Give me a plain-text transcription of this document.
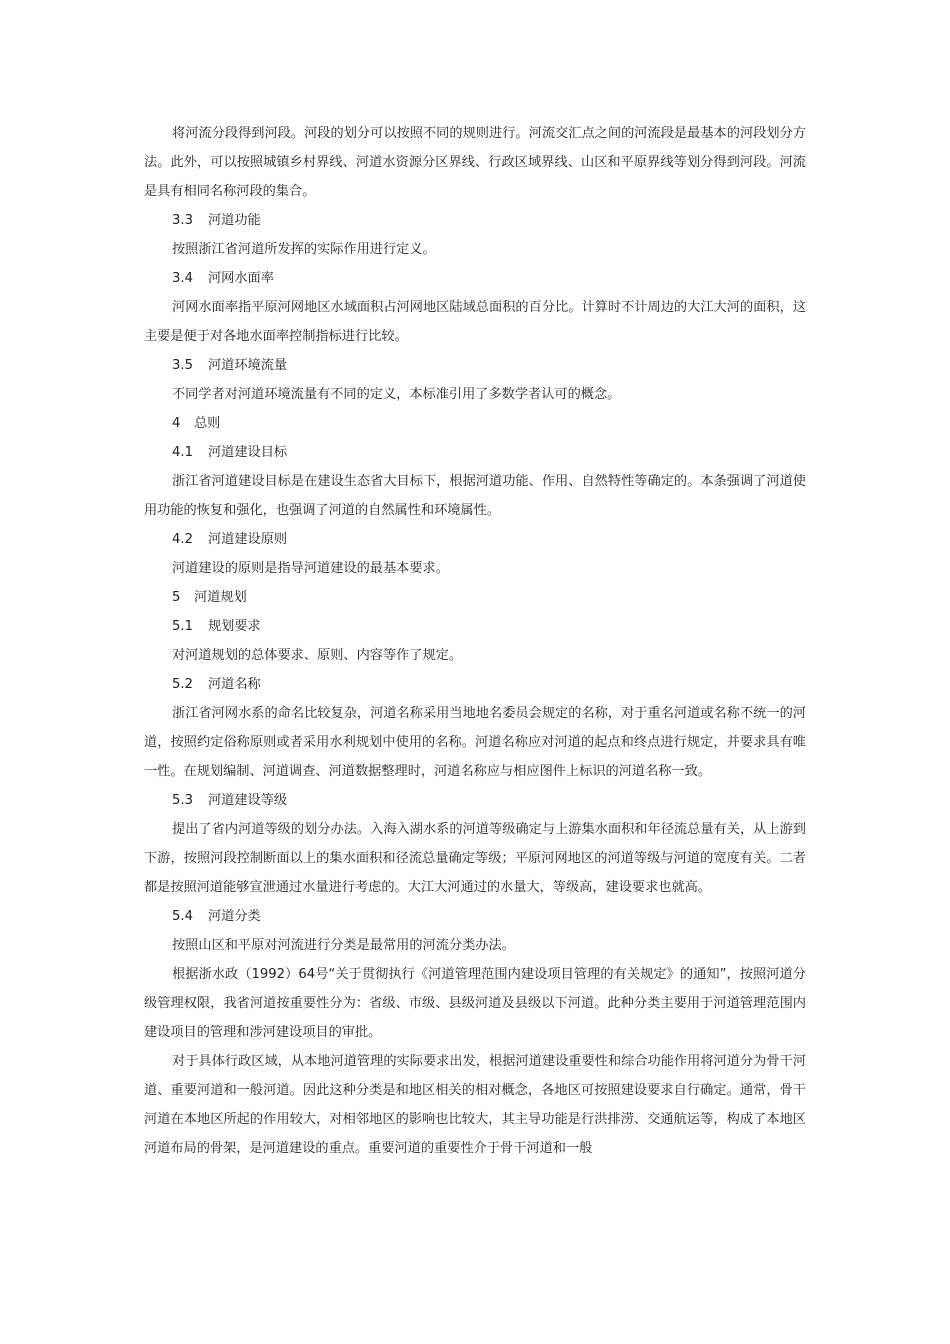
将河流分段得到河段。河段的划分可以按照不同的规则进行。河流交汇点之间的河流段是最基本的河段划分方法。此外，可以按照城镇乡村界线、河道水资源分区界线、行政区域界线、山区和平原界线等划分得到河段。河流是具有相同名称河段的集合。

3.3 河道功能

按照浙江省河道所发挥的实际作用进行定义。

3.4 河网水面率

河网水面率指平原河网地区水域面积占河网地区陆域总面积的百分比。计算时不计周边的大江大河的面积，这主要是便于对各地水面率控制指标进行比较。

3.5 河道环境流量

不同学者对河道环境流量有不同的定义，本标准引用了多数学者认可的概念。

4 总则
4.1 河道建设目标

浙江省河道建设目标是在建设生态省大目标下，根据河道功能、作用、自然特性等确定的。本条强调了河道使用功能的恢复和强化，也强调了河道的自然属性和环境属性。

4.2 河道建设原则

河道建设的原则是指导河道建设的最基本要求。

5 河道规划
5.1 规划要求

对河道规划的总体要求、原则、内容等作了规定。

5.2 河道名称

浙江省河网水系的命名比较复杂，河道名称采用当地地名委员会规定的名称，对于重名河道或名称不统一的河道，按照约定俗称原则或者采用水利规划中使用的名称。河道名称应对河道的起点和终点进行规定，并要求具有唯一性。在规划编制、河道调查、河道数据整理时，河道名称应与相应图件上标识的河道名称一致。

5.3 河道建设等级

提出了省内河道等级的划分办法。入海入湖水系的河道等级确定与上游集水面积和年径流总量有关，从上游到下游，按照河段控制断面以上的集水面积和径流总量确定等级；平原河网地区的河道等级与河道的宽度有关。二者都是按照河道能够宣泄通过水量进行考虑的。大江大河通过的水量大，等级高，建设要求也就高。

5.4 河道分类

按照山区和平原对河流进行分类是最常用的河流分类办法。

根据浙水政（1992）64号“关于贯彻执行《河道管理范围内建设项目管理的有关规定》的通知”，按照河道分级管理权限，我省河道按重要性分为：省级、市级、县级河道及县级以下河道。此种分类主要用于河道管理范围内建设项目的管理和涉河建设项目的审批。

对于具体行政区域，从本地河道管理的实际要求出发，根据河道建设重要性和综合功能作用将河道分为骨干河道、重要河道和一般河道。因此这种分类是和地区相关的相对概念，各地区可按照建设要求自行确定。通常，骨干河道在本地区所起的作用较大，对相邻地区的影响也比较大，其主导功能是行洪排涝、交通航运等，构成了本地区河道布局的骨架，是河道建设的重点。重要河道的重要性介于骨干河道和一般
